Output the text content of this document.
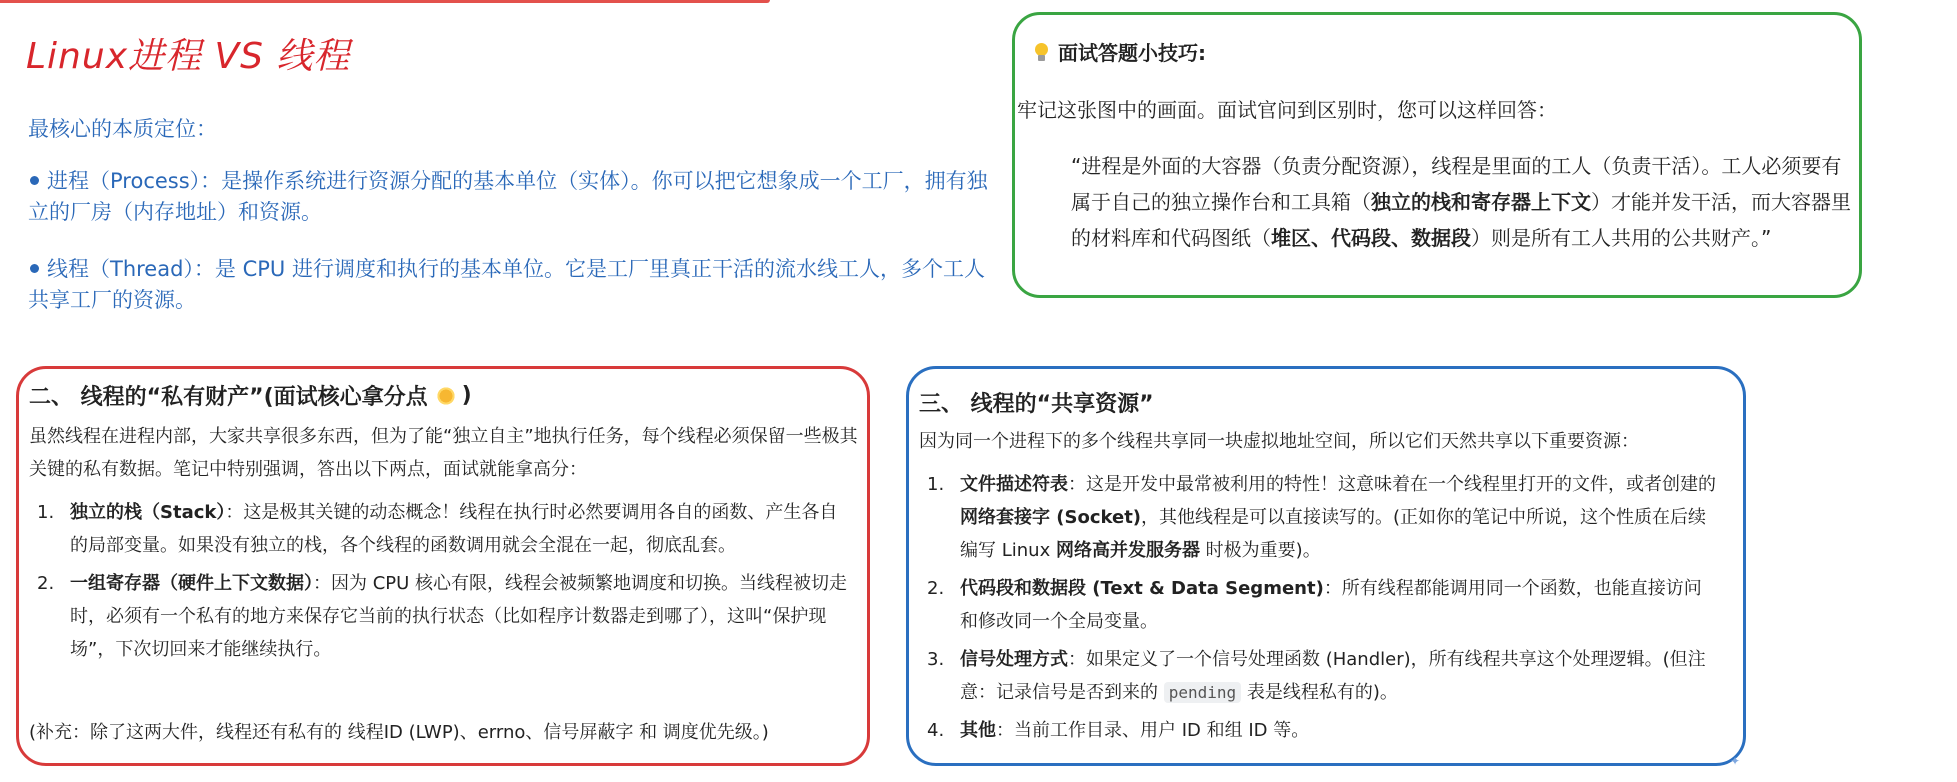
Linux进程 VS 线程
最核心的本质定位：
进程（Process）：是操作系统进行资源分配的基本单位（实体）。你可以把它想象成一个工厂，拥有独立的厂房（内存地址）和资源。
线程（Thread）：是 CPU 进行调度和执行的基本单位。它是工厂里真正干活的流水线工人，多个工人共享工厂的资源。
面试答题小技巧:
牢记这张图中的画面。面试官问到区别时，您可以这样回答：
“进程是外面的大容器（负责分配资源），线程是里面的工人（负责干活）。工人必须要有属于自己的独立操作台和工具箱（独立的栈和寄存器上下文）才能并发干活，而大容器里的材料库和代码图纸（堆区、代码段、数据段）则是所有工人共用的公共财产。”
二、 线程的“私有财产”(面试核心拿分点 )
虽然线程在进程内部，大家共享很多东西，但为了能“独立自主”地执行任务，每个线程必须保留一些极其关键的私有数据。笔记中特别强调，答出以下两点，面试就能拿高分：
1. 独立的栈（Stack）：这是极其关键的动态概念！线程在执行时必然要调用各自的函数、产生各自的局部变量。如果没有独立的栈，各个线程的函数调用就会全混在一起，彻底乱套。
2. 一组寄存器（硬件上下文数据）：因为 CPU 核心有限，线程会被频繁地调度和切换。当线程被切走时，必须有一个私有的地方来保存它当前的执行状态（比如程序计数器走到哪了），这叫“保护现场”，下次切回来才能继续执行。
(补充：除了这两大件，线程还有私有的 线程ID (LWP)、errno、信号屏蔽字 和 调度优先级。)
三、 线程的“共享资源”
因为同一个进程下的多个线程共享同一块虚拟地址空间，所以它们天然共享以下重要资源：
1. 文件描述符表：这是开发中最常被利用的特性！这意味着在一个线程里打开的文件，或者创建的网络套接字 (Socket)，其他线程是可以直接读写的。(正如你的笔记中所说，这个性质在后续编写 Linux 网络高并发服务器 时极为重要)。
2. 代码段和数据段 (Text & Data Segment)：所有线程都能调用同一个函数，也能直接访问和修改同一个全局变量。
3. 信号处理方式：如果定义了一个信号处理函数 (Handler)，所有线程共享这个处理逻辑。(但注意：记录信号是否到来的 pending 表是线程私有的)。
4. 其他：当前工作目录、用户 ID 和组 ID 等。
✦
